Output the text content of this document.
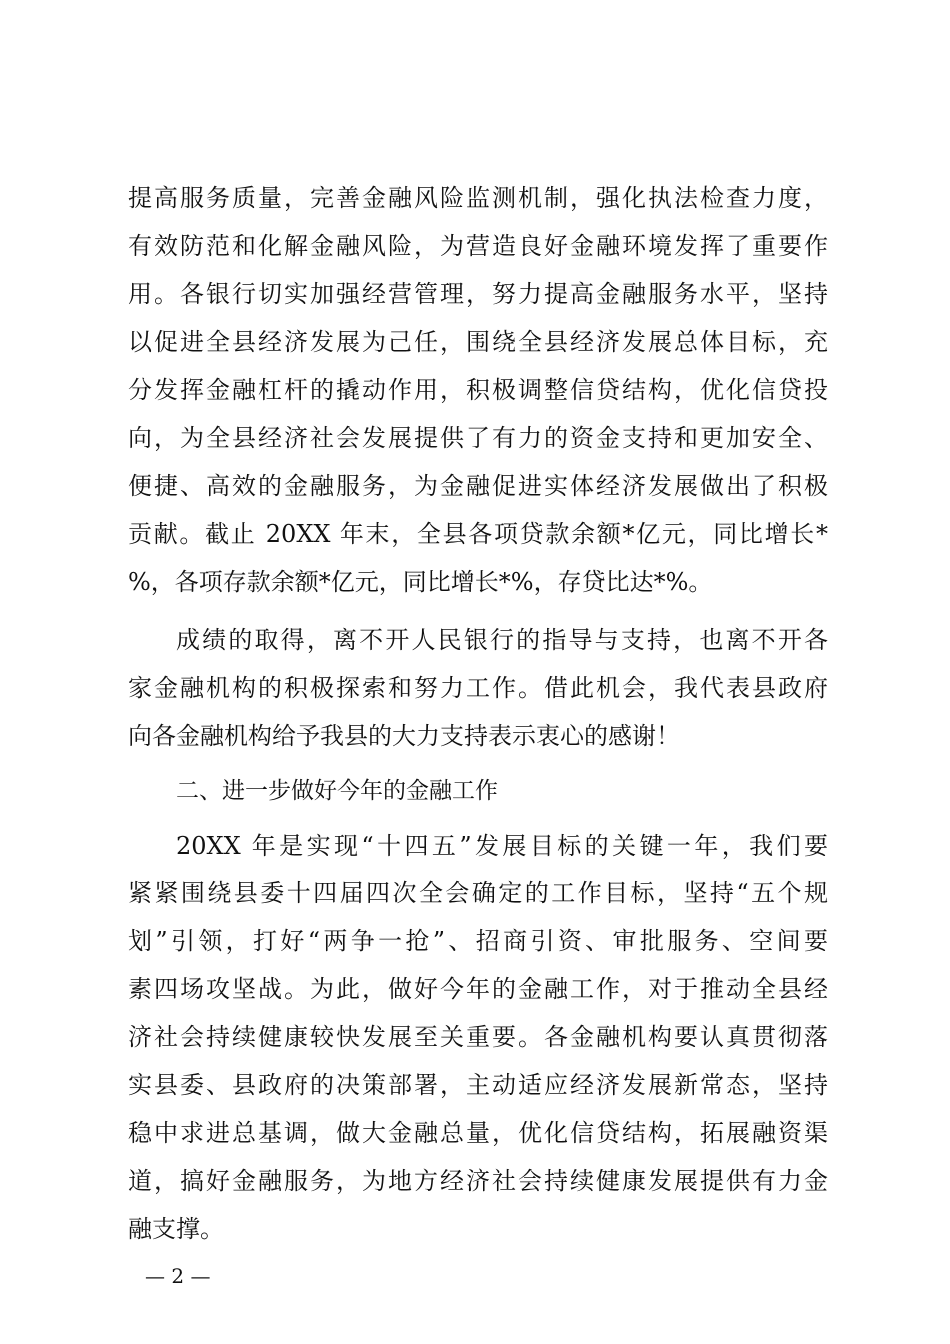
提高服务质量，完善金融风险监测机制，强化执法检查力度，
有效防范和化解金融风险，为营造良好金融环境发挥了重要作
用。各银行切实加强经营管理，努力提高金融服务水平，坚持
以促进全县经济发展为己任，围绕全县经济发展总体目标，充
分发挥金融杠杆的撬动作用，积极调整信贷结构，优化信贷投
向，为全县经济社会发展提供了有力的资金支持和更加安全、
便捷、高效的金融服务，为金融促进实体经济发展做出了积极
贡献。截止 20XX 年末，全县各项贷款余额*亿元，同比增长*
%，各项存款余额*亿元，同比增长*%，存贷比达*%。
成绩的取得，离不开人民银行的指导与支持，也离不开各
家金融机构的积极探索和努力工作。借此机会，我代表县政府
向各金融机构给予我县的大力支持表示衷心的感谢！
二、进一步做好今年的金融工作
20XX 年是实现“十四五”发展目标的关键一年，我们要
紧紧围绕县委十四届四次全会确定的工作目标，坚持“五个规
划”引领，打好“两争一抢”、招商引资、审批服务、空间要
素四场攻坚战。为此，做好今年的金融工作，对于推动全县经
济社会持续健康较快发展至关重要。各金融机构要认真贯彻落
实县委、县政府的决策部署，主动适应经济发展新常态，坚持
稳中求进总基调，做大金融总量，优化信贷结构，拓展融资渠
道，搞好金融服务，为地方经济社会持续健康发展提供有力金
融支撑。
— 2 —
